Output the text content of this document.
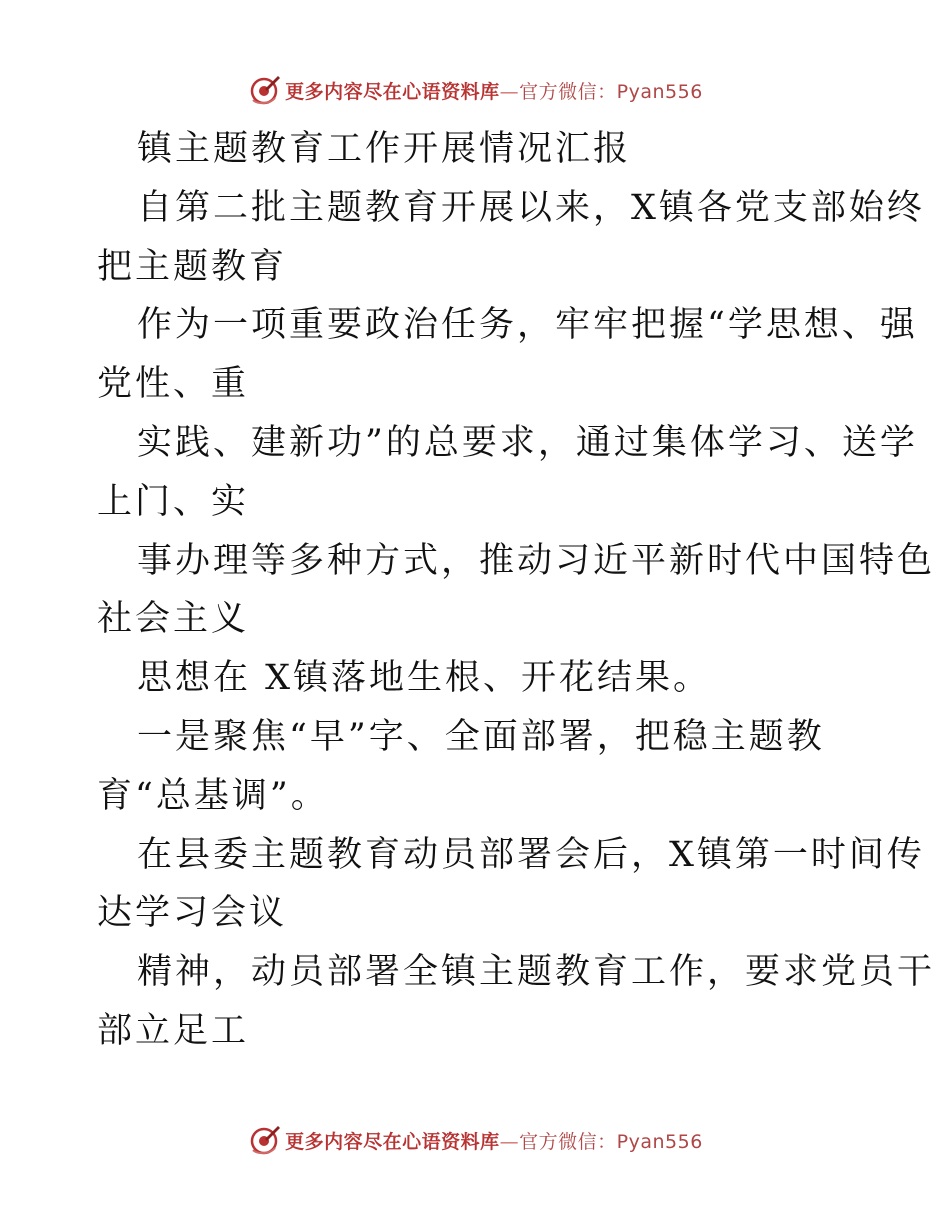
更多内容尽在心语资料库 — 官方微信：Pyan556
镇主题教育工作开展情况汇报
自第二批主题教育开展以来，X镇各党支部始终
把主题教育
作为一项重要政治任务，牢牢把握“学思想、强
党性、重
实践、建新功”的总要求，通过集体学习、送学
上门、实
事办理等多种方式，推动习近平新时代中国特色
社会主义
思想在 X镇落地生根、开花结果。
一是聚焦“早”字、全面部署，把稳主题教
育“总基调”。
在县委主题教育动员部署会后，X镇第一时间传
达学习会议
精神，动员部署全镇主题教育工作，要求党员干
部立足工
更多内容尽在心语资料库 — 官方微信：Pyan556
